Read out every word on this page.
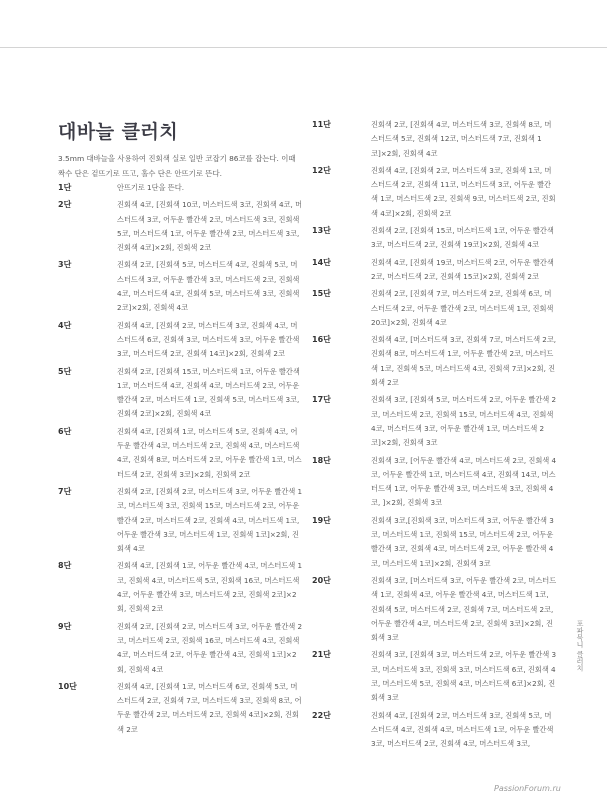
대바늘 클러치
3.5mm 대바늘을 사용하여 진회색 실로 일반 코잡기 86코를 잡는다. 이때 짝수 단은 겉뜨기로 뜨고, 홀수 단은 안뜨기로 뜬다.
1단	안뜨기로 1단을 뜬다.
2단	진회색 4코, [진회색 10코, 머스터드색 3코, 진회색 4코, 머스터드색 3코, 어두운 빨간색 2코, 머스터드색 3코, 진회색 5코, 머스터드색 1코, 어두운 빨간색 2코, 머스터드색 3코, 진회색 4코]×2회, 진회색 2코
3단	진회색 2코, [진회색 5코, 머스터드색 4코, 진회색 5코, 머스터드색 3코, 어두운 빨간색 3코, 머스터드색 2코, 진회색 4코, 머스터드색 4코, 진회색 5코, 머스터드색 3코, 진회색 2코]×2회, 진회색 4코
4단	진회색 4코, [진회색 2코, 머스터드색 3코, 진회색 4코, 머스터드색 6코, 진회색 3코, 머스터드색 3코, 어두운 빨간색 3코, 머스터드색 2코, 진회색 14코]×2회, 진회색 2코
5단	진회색 2코, [진회색 15코, 머스터드색 1코, 어두운 빨간색 1코, 머스터드색 4코, 진회색 4코, 머스터드색 2코, 어두운 빨간색 2코, 머스터드색 1코, 진회색 5코, 머스터드색 3코, 진회색 2코]×2회, 진회색 4코
6단	진회색 4코, [진회색 1코, 머스터드색 5코, 진회색 4코, 어두운 빨간색 4코, 머스터드색 2코, 진회색 4코, 머스터드색 4코, 진회색 8코, 머스터드색 2코, 어두운 빨간색 1코, 머스터드색 2코, 진회색 3코]×2회, 진회색 2코
7단	진회색 2코, [진회색 2코, 머스터드색 3코, 어두운 빨간색 1코, 머스터드색 3코, 진회색 15코, 머스터드색 2코, 어두운 빨간색 2코, 머스터드색 2코, 진회색 4코, 머스터드색 1코, 어두운 빨간색 3코, 머스터드색 1코, 진회색 1코]×2회, 진회색 4코
8단	진회색 4코, [진회색 1코, 어두운 빨간색 4코, 머스터드색 1코, 진회색 4코, 머스터드색 5코, 진회색 16코, 머스터드색 4코, 어두운 빨간색 3코, 머스터드색 2코, 진회색 2코]×2회, 진회색 2코
9단	진회색 2코, [진회색 2코, 머스터드색 3코, 어두운 빨간색 2코, 머스터드색 2코, 진회색 16코, 머스터드색 4코, 진회색 4코, 머스터드색 2코, 어두운 빨간색 4코, 진회색 1코]×2회, 진회색 4코
10단	진회색 4코, [진회색 1코, 머스터드색 6코, 진회색 5코, 머스터드색 2코, 진회색 7코, 머스터드색 3코, 진회색 8코, 어두운 빨간색 2코, 머스터드색 2코, 진회색 4코]×2회, 진회색 2코
11단	진회색 2코, [진회색 4코, 머스터드색 3코, 진회색 8코, 머스터드색 5코, 진회색 12코, 머스터드색 7코, 진회색 1코]×2회, 진회색 4코
12단	진회색 4코, [진회색 2코, 머스터드색 3코, 진회색 1코, 머스터드색 2코, 진회색 11코, 머스터드색 3코, 어두운 빨간색 1코, 머스터드색 2코, 진회색 9코, 머스터드색 2코, 진회색 4코]×2회, 진회색 2코
13단	진회색 2코, [진회색 15코, 머스터드색 1코, 어두운 빨간색 3코, 머스터드색 2코, 진회색 19코]×2회, 진회색 4코
14단	진회색 4코, [진회색 19코, 머스터드색 2코, 어두운 빨간색 2코, 머스터드색 2코, 진회색 15코]×2회, 진회색 2코
15단	진회색 2코, [진회색 7코, 머스터드색 2코, 진회색 6코, 머스터드색 2코, 어두운 빨간색 2코, 머스터드색 1코, 진회색 20코]×2회, 진회색 4코
16단	진회색 4코, [머스터드색 3코, 진회색 7코, 머스터드색 2코, 진회색 8코, 머스터드색 1코, 어두운 빨간색 2코, 머스터드색 1코, 진회색 5코, 머스터드색 4코, 진회색 7코]×2회, 진회색 2코
17단	진회색 3코, [진회색 5코, 머스터드색 2코, 어두운 빨간색 2코, 머스터드색 2코, 진회색 15코, 머스터드색 4코, 진회색 4코, 머스터드색 3코, 어두운 빨간색 1코, 머스터드색 2코]×2회, 진회색 3코
18단	진회색 3코, [어두운 빨간색 4코, 머스터드색 2코, 진회색 4코, 어두운 빨간색 1코, 머스터드색 4코, 진회색 14코, 머스터드색 1코, 어두운 빨간색 3코, 머스터드색 3코, 진회색 4코, ]×2회, 진회색 3코
19단	진회색 3코,[진회색 3코, 머스터드색 3코, 어두운 빨간색 3코, 머스터드색 1코, 진회색 15코, 머스터드색 2코, 어두운 빨간색 3코, 진회색 4코, 머스터드색 2코, 어두운 빨간색 4코, 머스터드색 1코]×2회, 진회색 3코
20단	진회색 3코, [머스터드색 3코, 어두운 빨간색 2코, 머스터드색 1코, 진회색 4코, 어두운 빨간색 4코, 머스터드색 1코, 진회색 5코, 머스터드색 2코, 진회색 7코, 머스터드색 2코, 어두운 빨간색 4코, 머스터드색 2코, 진회색 3코]×2회, 진회색 3코
21단	진회색 3코, [진회색 3코, 머스터드색 2코, 어두운 빨간색 3코, 머스터드색 3코, 진회색 3코, 머스터드색 6코, 진회색 4코, 머스터드색 5코, 진회색 4코, 머스터드색 6코]×2회, 진회색 3코
22단	진회색 4코, [진회색 2코, 머스터드색 3코, 진회색 5코, 머스터드색 4코, 진회색 4코, 머스터드색 1코, 어두운 빨간색 3코, 머스터드색 2코, 진회색 4코, 머스터드색 3코,
포파묵니 클러치
PassionForum.ru
